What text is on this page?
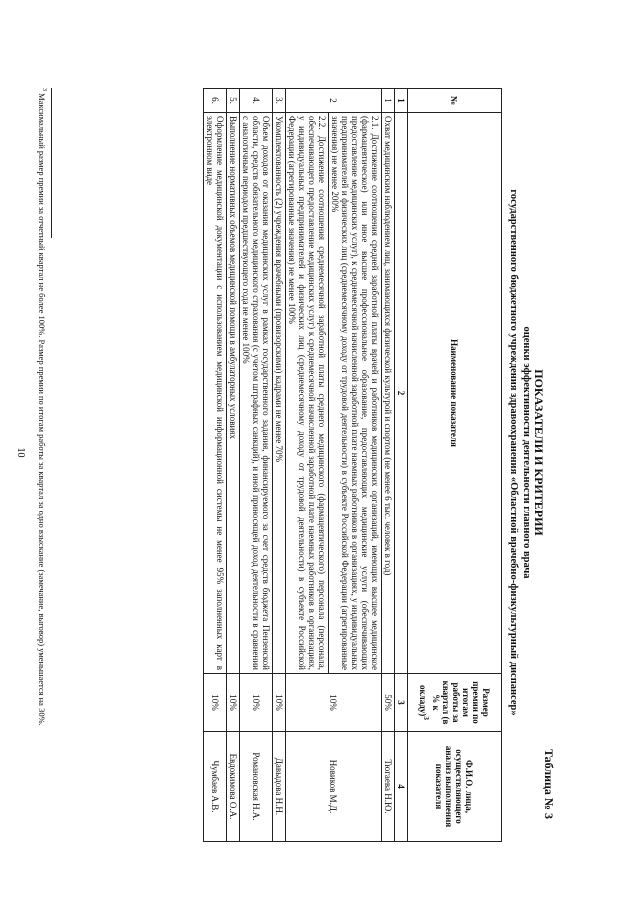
10
Таблица № 3
ПОКАЗАТЕЛИ И КРИТЕРИИ
оценки эффективности деятельности главного врача
государственного бюджетного учреждения здравоохранения «Областной врачебно-физкультурный диспансер»
№	Наименование показателя	Размер премии по итогам работы за квартал (в % к окладу)$^3$	Ф.И.О. лица, осуществляющего анализ выполнения показателя
1	2	3	4
1	Охват медицинским наблюдением лиц, занимающихся физической культурой и спортом (не менее 6 тыс. человек в год)	50%	Тюгаева Н.Ю.
2	2.1. Достижение соотношения средней заработной платы врачей и работников медицинских организаций, имеющих высшее медицинское (фармацевтическое) или иное высшее профессиональное образование, предоставляющих медицинские услуги (обеспечивающих предоставление медицинских услуг), к среднемесячной начисленной заработной плате наемных работников в организациях, у индивидуальных предпринимателей и физических лиц (среднемесячному доходу от трудовой деятельности) в субъекте Российской Федерации (агрегированные значения) не менее 200%	10%	Новиков М.Д.
	2.2. Достижение соотношения среднемесячной заработной платы среднего медицинского (фармацевтического) персонала (персонала, обеспечивающего предоставление медицинских услуг) к среднемесячной начисленной заработной плате наемных работников в организациях, у индивидуальных предпринимателей и физических лиц (среднемесячному доходу от трудовой деятельности) в субъекте Российской Федерации (агрегированные значения) не менее 100%		
3.	Укомплектованность (2) учреждения врачебными (провизорскими) кадрами не менее 70%	10%	Давыдова Н.Н.
4.	Объем доходов от оказания медицинских услуг в рамках государственного задания, финансируемого за счет средств бюджета Пензенской области, средств обязательного медицинского страхования (с учетом штрафных санкций), и иной приносящей доход деятельности в сравнении с аналогичным периодом предшествующего года не менее 100%	10%	Романовская Н.А.
5.	Выполнение нормативных объемов медицинской помощи в амбулаторных условиях	10%	Евдокимова О.А.
6.	Оформление медицинской документации с использованием медицинской информационной системы не менее 95% заполненных карт в электронном виде	10%	Чумбаев А.В.
$^3$ Максимальный размер премии за отчетный квартал не более 100%. Размер премии по итогам работы за квартал за одно взыскание (замечание, выговор) уменьшается на 30%.
